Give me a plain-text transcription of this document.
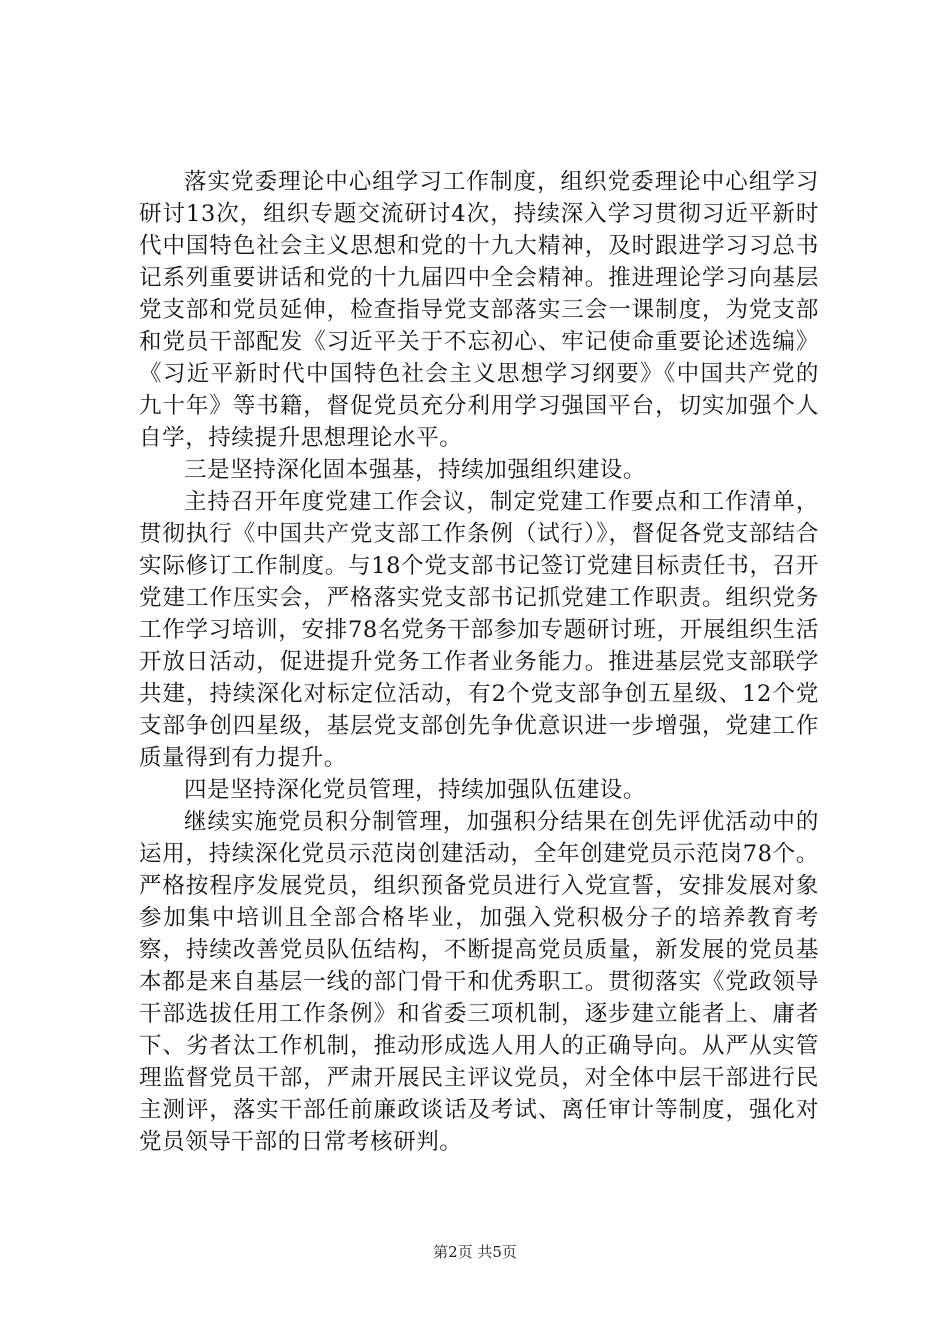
落实党委理论中心组学习工作制度，组织党委理论中心组学习研讨13次，组织专题交流研讨4次，持续深入学习贯彻习近平新时代中国特色社会主义思想和党的十九大精神，及时跟进学习习总书记系列重要讲话和党的十九届四中全会精神。推进理论学习向基层党支部和党员延伸，检查指导党支部落实三会一课制度，为党支部和党员干部配发《习近平关于不忘初心、牢记使命重要论述选编》《习近平新时代中国特色社会主义思想学习纲要》《中国共产党的九十年》等书籍，督促党员充分利用学习强国平台，切实加强个人自学，持续提升思想理论水平。

三是坚持深化固本强基，持续加强组织建设。

主持召开年度党建工作会议，制定党建工作要点和工作清单，贯彻执行《中国共产党支部工作条例（试行）》，督促各党支部结合实际修订工作制度。与18个党支部书记签订党建目标责任书，召开党建工作压实会，严格落实党支部书记抓党建工作职责。组织党务工作学习培训，安排78名党务干部参加专题研讨班，开展组织生活开放日活动，促进提升党务工作者业务能力。推进基层党支部联学共建，持续深化对标定位活动，有2个党支部争创五星级、12个党支部争创四星级，基层党支部创先争优意识进一步增强，党建工作质量得到有力提升。

四是坚持深化党员管理，持续加强队伍建设。

继续实施党员积分制管理，加强积分结果在创先评优活动中的运用，持续深化党员示范岗创建活动，全年创建党员示范岗78个。严格按程序发展党员，组织预备党员进行入党宣誓，安排发展对象参加集中培训且全部合格毕业，加强入党积极分子的培养教育考察，持续改善党员队伍结构，不断提高党员质量，新发展的党员基本都是来自基层一线的部门骨干和优秀职工。贯彻落实《党政领导干部选拔任用工作条例》和省委三项机制，逐步建立能者上、庸者下、劣者汰工作机制，推动形成选人用人的正确导向。从严从实管理监督党员干部，严肃开展民主评议党员，对全体中层干部进行民主测评，落实干部任前廉政谈话及考试、离任审计等制度，强化对党员领导干部的日常考核研判。

第2页 共5页
